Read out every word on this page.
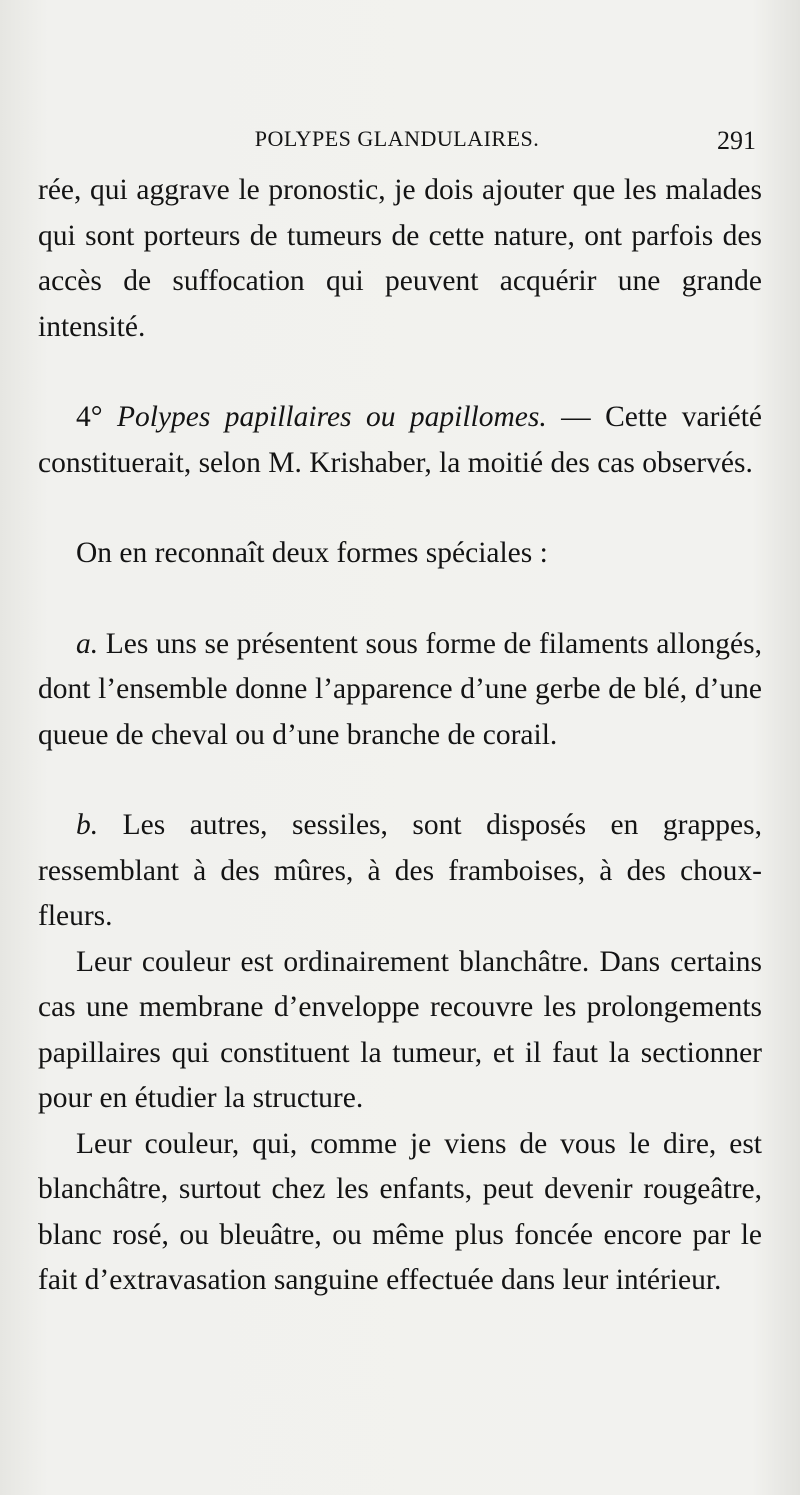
POLYPES GLANDULAIRES.	291

rée, qui aggrave le pronostic, je dois ajouter que les malades qui sont porteurs de tumeurs de cette nature, ont parfois des accès de suffocation qui peuvent acquérir une grande intensité.

4° Polypes papillaires ou papillomes. — Cette variété constituerait, selon M. Krishaber, la moitié des cas observés.

On en reconnaît deux formes spéciales :

a. Les uns se présentent sous forme de filaments allongés, dont l’ensemble donne l’apparence d’une gerbe de blé, d’une queue de cheval ou d’une branche de corail.

b. Les autres, sessiles, sont disposés en grappes, ressemblant à des mûres, à des framboises, à des choux-fleurs.

Leur couleur est ordinairement blanchâtre. Dans certains cas une membrane d’enveloppe recouvre les prolongements papillaires qui constituent la tumeur, et il faut la sectionner pour en étudier la structure.

Leur couleur, qui, comme je viens de vous le dire, est blanchâtre, surtout chez les enfants, peut devenir rougeâtre, blanc rosé, ou bleuâtre, ou même plus foncée encore par le fait d’extravasation sanguine effectuée dans leur intérieur.
